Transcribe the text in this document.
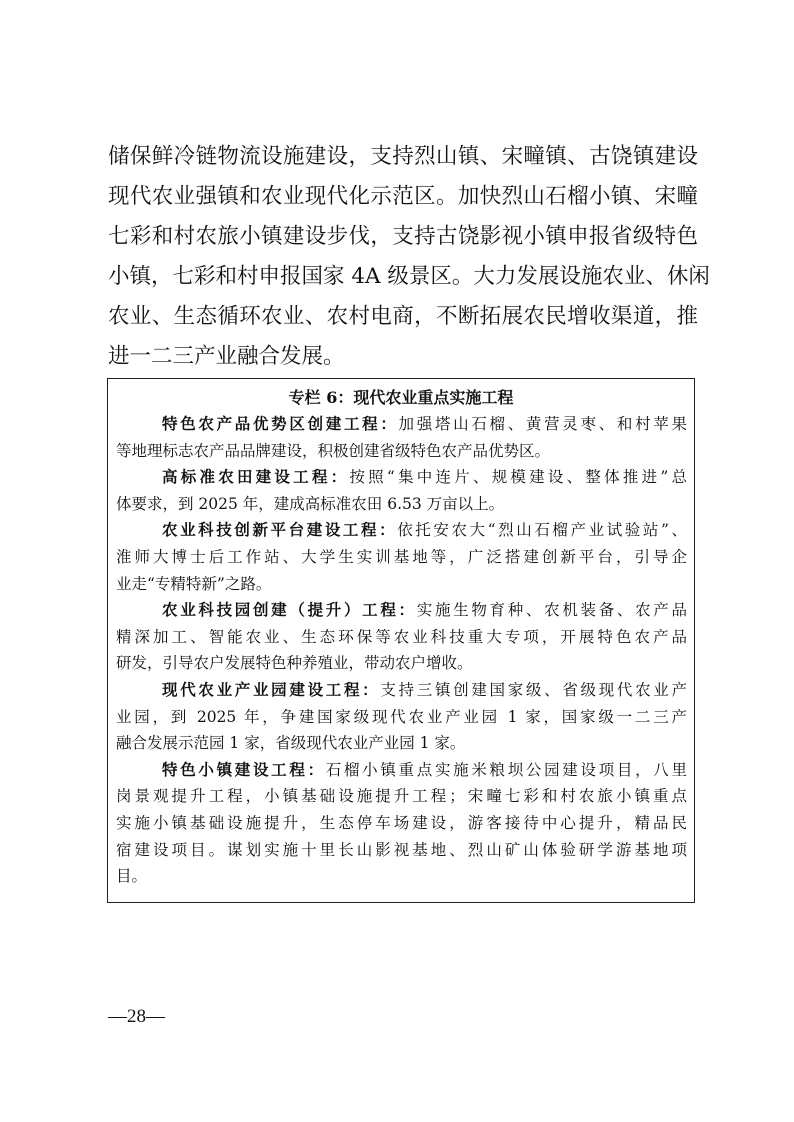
储保鲜冷链物流设施建设，支持烈山镇、宋疃镇、古饶镇建设
现代农业强镇和农业现代化示范区。加快烈山石榴小镇、宋疃
七彩和村农旅小镇建设步伐，支持古饶影视小镇申报省级特色
小镇，七彩和村申报国家 4A 级景区。大力发展设施农业、休闲
农业、生态循环农业、农村电商，不断拓展农民增收渠道，推
进一二三产业融合发展。
专栏 6：现代农业重点实施工程
特色农产品优势区创建工程：加强塔山石榴、黄营灵枣、和村苹果
等地理标志农产品品牌建设，积极创建省级特色农产品优势区。
高标准农田建设工程：按照“集中连片、规模建设、整体推进”总
体要求，到 2025 年，建成高标准农田 6.53 万亩以上。
农业科技创新平台建设工程：依托安农大“烈山石榴产业试验站”、
淮师大博士后工作站、大学生实训基地等，广泛搭建创新平台，引导企
业走“专精特新”之路。
农业科技园创建（提升）工程：实施生物育种、农机装备、农产品
精深加工、智能农业、生态环保等农业科技重大专项，开展特色农产品
研发，引导农户发展特色种养殖业，带动农户增收。
现代农业产业园建设工程：支持三镇创建国家级、省级现代农业产
业园，到 2025 年，争建国家级现代农业产业园 1 家，国家级一二三产
融合发展示范园 1 家，省级现代农业产业园 1 家。
特色小镇建设工程：石榴小镇重点实施米粮坝公园建设项目，八里
岗景观提升工程，小镇基础设施提升工程；宋疃七彩和村农旅小镇重点
实施小镇基础设施提升，生态停车场建设，游客接待中心提升，精品民
宿建设项目。谋划实施十里长山影视基地、烈山矿山体验研学游基地项
目。
—28—
